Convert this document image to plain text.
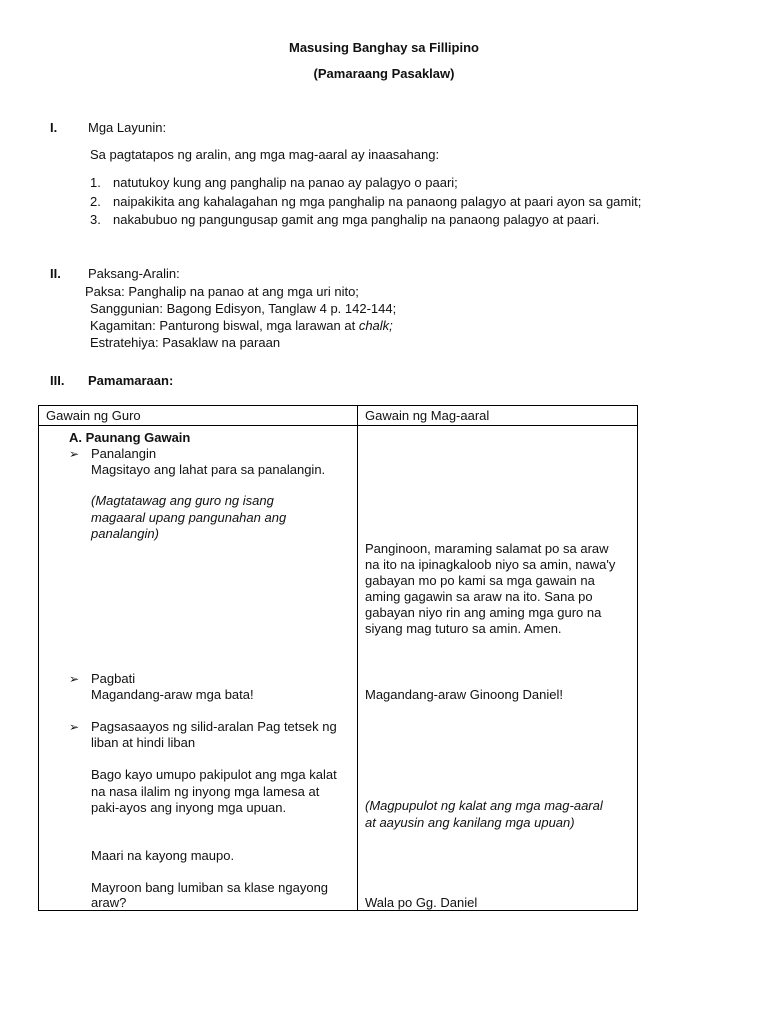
Masusing Banghay sa Fillipino
(Pamaraang Pasaklaw)
I. Mga Layunin:
Sa pagtatapos ng aralin, ang mga mag-aaral ay inaasahang:
1. natutukoy kung ang panghalip na panao ay palagyo o paari;
2. naipakikita ang kahalagahan ng mga panghalip na panaong palagyo at paari ayon sa gamit;
3. nakabubuo ng pangungusap gamit ang mga panghalip na panaong palagyo at paari.
II. Paksang-Aralin:
Paksa: Panghalip na panao at ang mga uri nito;
Sanggunian: Bagong Edisyon, Tanglaw 4 p. 142-144;
Kagamitan: Panturong biswal, mga larawan at chalk;
Estratehiya: Pasaklaw na paraan
III. Pamamaraan:
Gawain ng Guro	Gawain ng Mag-aaral
A. Paunang Gawain
➢ Panalangin
Magsitayo ang lahat para sa panalangin.
(Magtatawag ang guro ng isang
magaaral upang pangunahan ang
panalangin)
➢ Pagbati
Magandang-araw mga bata!
➢ Pagsasaayos ng silid-aralan Pag tetsek ng
liban at hindi liban
Bago kayo umupo pakipulot ang mga kalat
na nasa ilalim ng inyong mga lamesa at
paki-ayos ang inyong mga upuan.
Maari na kayong maupo.
Mayroon bang lumiban sa klase ngayong
araw?
Panginoon, maraming salamat po sa araw
na ito na ipinagkaloob niyo sa amin, nawa'y
gabayan mo po kami sa mga gawain na
aming gagawin sa araw na ito. Sana po
gabayan niyo rin ang aming mga guro na
siyang mag tuturo sa amin. Amen.
Magandang-araw Ginoong Daniel!
(Magpupulot ng kalat ang mga mag-aaral
at aayusin ang kanilang mga upuan)
Wala po Gg. Daniel
